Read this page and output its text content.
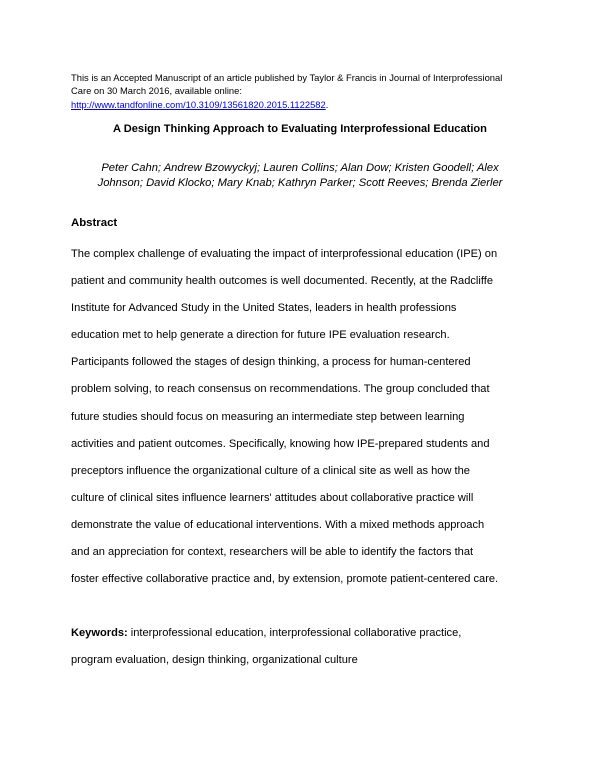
This is an Accepted Manuscript of an article published by Taylor & Francis in Journal of Interprofessional
Care on 30 March 2016, available online:
http://www.tandfonline.com/10.3109/13561820.2015.1122582.
A Design Thinking Approach to Evaluating Interprofessional Education
Peter Cahn; Andrew Bzowyckyj; Lauren Collins; Alan Dow; Kristen Goodell; Alex
Johnson; David Klocko; Mary Knab; Kathryn Parker; Scott Reeves; Brenda Zierler
Abstract
The complex challenge of evaluating the impact of interprofessional education (IPE) on
patient and community health outcomes is well documented. Recently, at the Radcliffe
Institute for Advanced Study in the United States, leaders in health professions
education met to help generate a direction for future IPE evaluation research.
Participants followed the stages of design thinking, a process for human-centered
problem solving, to reach consensus on recommendations. The group concluded that
future studies should focus on measuring an intermediate step between learning
activities and patient outcomes. Specifically, knowing how IPE-prepared students and
preceptors influence the organizational culture of a clinical site as well as how the
culture of clinical sites influence learners' attitudes about collaborative practice will
demonstrate the value of educational interventions. With a mixed methods approach
and an appreciation for context, researchers will be able to identify the factors that
foster effective collaborative practice and, by extension, promote patient-centered care.
Keywords: interprofessional education, interprofessional collaborative practice,
program evaluation, design thinking, organizational culture
